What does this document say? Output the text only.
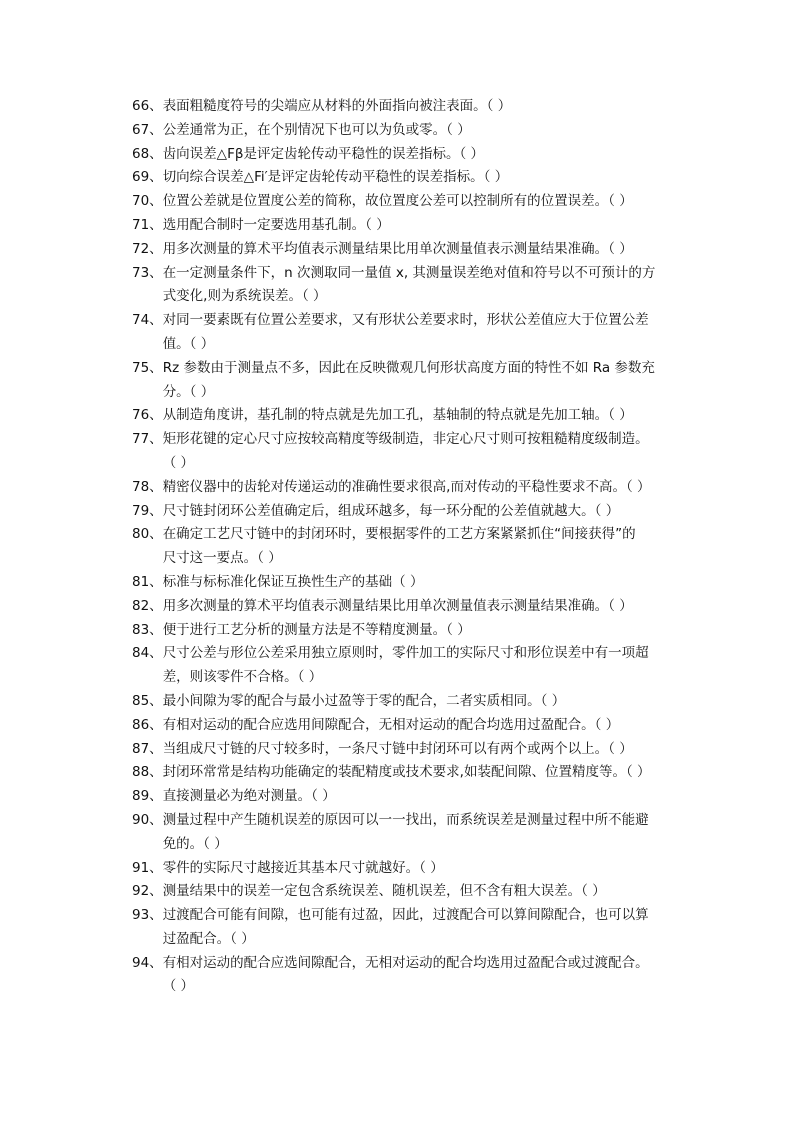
66、 表面粗糙度符号的尖端应从材料的外面指向被注表面。（ ）
67、 公差通常为正，在个别情况下也可以为负或零。（ ）
68、 齿向误差△Fβ是评定齿轮传动平稳性的误差指标。（ ）
69、 切向综合误差△Fi′是评定齿轮传动平稳性的误差指标。（ ）
70、 位置公差就是位置度公差的简称，故位置度公差可以控制所有的位置误差。（ ）
71、 选用配合制时一定要选用基孔制。（ ）
72、 用多次测量的算术平均值表示测量结果比用单次测量值表示测量结果准确。（ ）
73、 在一定测量条件下，n 次测取同一量值 x, 其测量误差绝对值和符号以不可预计的方
式变化,则为系统误差。（ ）
74、 对同一要素既有位置公差要求，又有形状公差要求时，形状公差值应大于位置公差
值。（ ）
75、 Rz 参数由于测量点不多，因此在反映微观几何形状高度方面的特性不如 Ra 参数充
分。（ ）
76、 从制造角度讲，基孔制的特点就是先加工孔，基轴制的特点就是先加工轴。（ ）
77、 矩形花键的定心尺寸应按较高精度等级制造，非定心尺寸则可按粗糙精度级制造。
（ ）
78、 精密仪器中的齿轮对传递运动的准确性要求很高,而对传动的平稳性要求不高。（ ）
79、 尺寸链封闭环公差值确定后，组成环越多，每一环分配的公差值就越大。（ ）
80、 在确定工艺尺寸链中的封闭环时，要根据零件的工艺方案紧紧抓住“间接获得”的
尺寸这一要点。（ ）
81、 标准与标标准化保证互换性生产的基础（ ）
82、 用多次测量的算术平均值表示测量结果比用单次测量值表示测量结果准确。（ ）
83、 便于进行工艺分析的测量方法是不等精度测量。（ ）
84、 尺寸公差与形位公差采用独立原则时，零件加工的实际尺寸和形位误差中有一项超
差，则该零件不合格。（ ）
85、 最小间隙为零的配合与最小过盈等于零的配合，二者实质相同。（ ）
86、 有相对运动的配合应选用间隙配合，无相对运动的配合均选用过盈配合。（ ）
87、 当组成尺寸链的尺寸较多时，一条尺寸链中封闭环可以有两个或两个以上。（ ）
88、 封闭环常常是结构功能确定的装配精度或技术要求,如装配间隙、位置精度等。（ ）
89、 直接测量必为绝对测量。（ ）
90、 测量过程中产生随机误差的原因可以一一找出，而系统误差是测量过程中所不能避
免的。（ ）
91、 零件的实际尺寸越接近其基本尺寸就越好。（ ）
92、 测量结果中的误差一定包含系统误差、随机误差，但不含有粗大误差。（ ）
93、 过渡配合可能有间隙，也可能有过盈，因此，过渡配合可以算间隙配合，也可以算
过盈配合。（ ）
94、 有相对运动的配合应选间隙配合，无相对运动的配合均选用过盈配合或过渡配合。
（ ）
